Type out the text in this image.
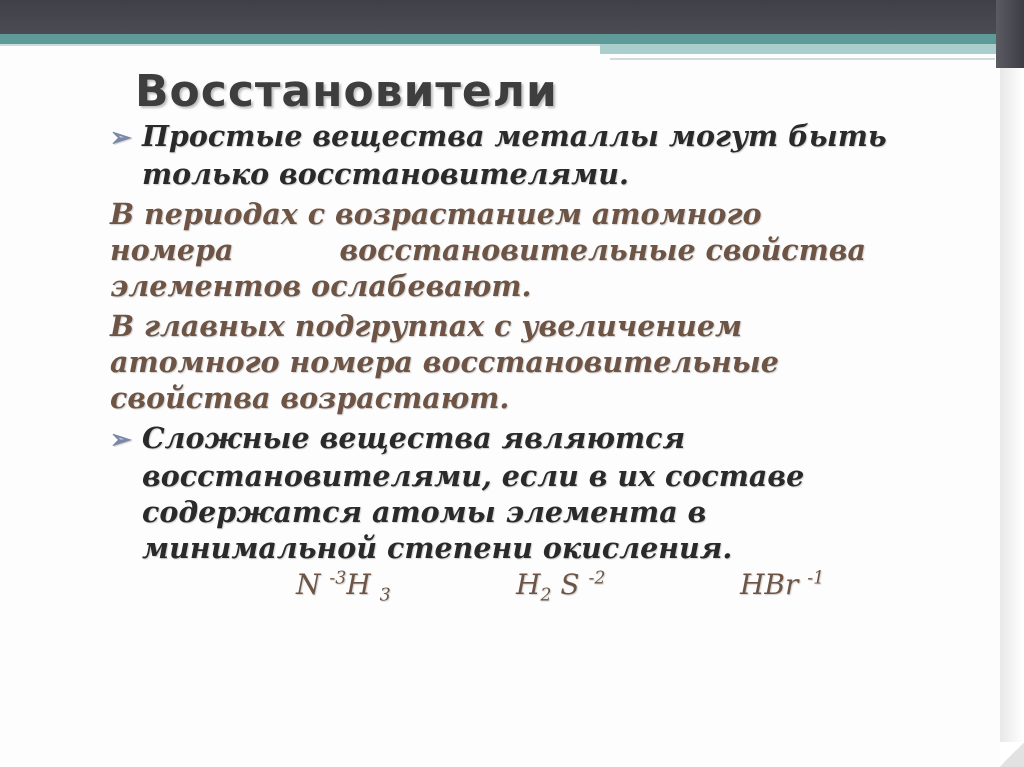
Восстановители
➢ Простые вещества металлы могут быть
только восстановителями.
В периодах с возрастанием атомного
номера	восстановительные свойства
элементов ослабевают.
В главных подгруппах с увеличением
атомного номера восстановительные
свойства возрастают.
➢ Сложные вещества являются
восстановителями, если в их составе
содержатся атомы элемента в
минимальной степени окисления.
N $^{-3}$H $_3$	$H_2$ S $^{-2}$	HBr $^{-1}$
